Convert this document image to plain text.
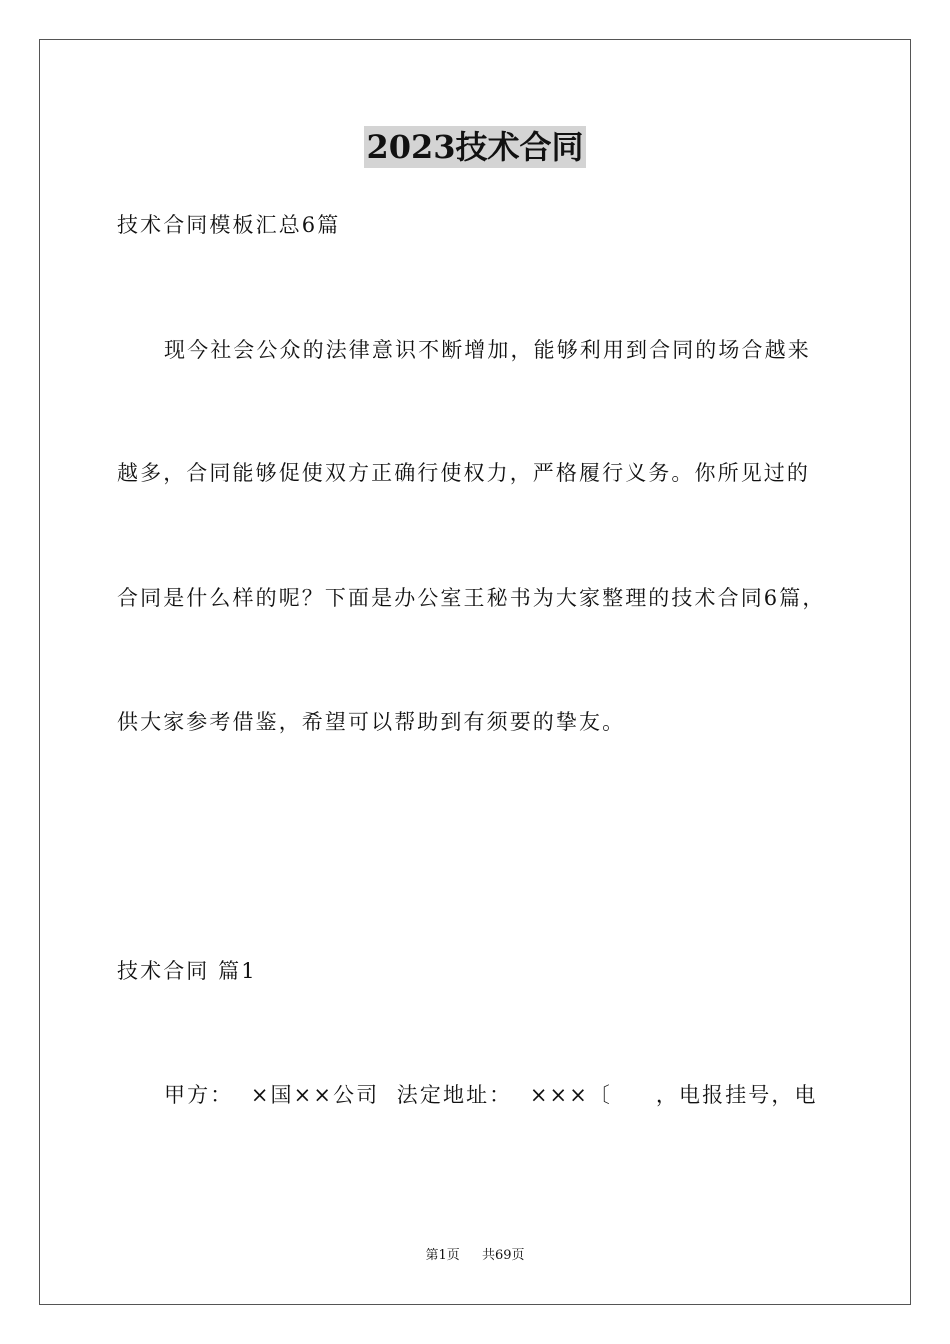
2023技术合同
技术合同模板汇总6篇
现今社会公众的法律意识不断增加，能够利用到合同的场合越来
越多，合同能够促使双方正确行使权力，严格履行义务。你所见过的
合同是什么样的呢？下面是办公室王秘书为大家整理的技术合同6篇，
供大家参考借鉴，希望可以帮助到有须要的挚友。
技术合同 篇1
甲方：  ×国××公司  法定地址：  ×××〔     ，电报挂号，电
第1页 共69页
